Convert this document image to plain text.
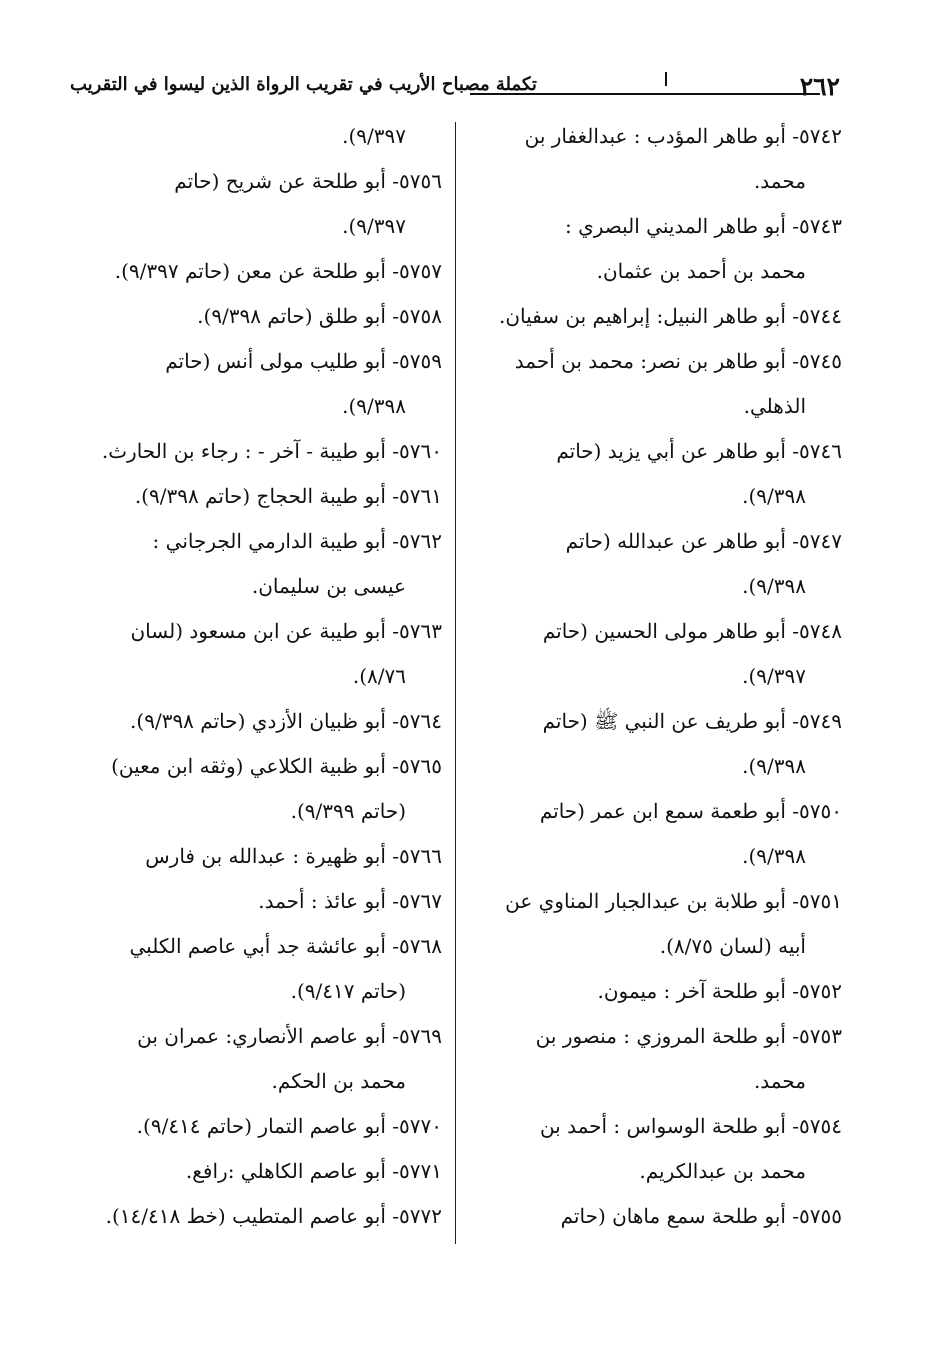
٢٦٢
تكملة مصباح الأريب في تقريب الرواة الذين ليسوا في التقريب
٥٧٤٢- أبو طاهر المؤدب : عبدالغفار بن
محمد.
٥٧٤٣- أبو طاهر المديني البصري :
محمد بن أحمد بن عثمان.
٥٧٤٤- أبو طاهر النبيل: إبراهيم بن سفيان.
٥٧٤٥- أبو طاهر بن نصر: محمد بن أحمد
الذهلي.
٥٧٤٦- أبو طاهر عن أبي يزيد (حاتم
٩/٣٩٨).
٥٧٤٧- أبو طاهر عن عبدالله (حاتم
٩/٣٩٨).
٥٧٤٨- أبو طاهر مولى الحسين (حاتم
٩/٣٩٧).
٥٧٤٩- أبو طريف عن النبي ﷺ (حاتم
٩/٣٩٨).
٥٧٥٠- أبو طعمة سمع ابن عمر (حاتم
٩/٣٩٨).
٥٧٥١- أبو طلابة بن عبدالجبار المناوي عن
أبيه (لسان ٨/٧٥).
٥٧٥٢- أبو طلحة آخر : ميمون.
٥٧٥٣- أبو طلحة المروزي : منصور بن
محمد.
٥٧٥٤- أبو طلحة الوسواس : أحمد بن
محمد بن عبدالكريم.
٥٧٥٥- أبو طلحة سمع ماهان (حاتم
٩/٣٩٧).
٥٧٥٦- أبو طلحة عن شريح (حاتم
٩/٣٩٧).
٥٧٥٧- أبو طلحة عن معن (حاتم ٩/٣٩٧).
٥٧٥٨- أبو طلق (حاتم ٩/٣٩٨).
٥٧٥٩- أبو طليب مولى أنس (حاتم
٩/٣٩٨).
٥٧٦٠- أبو طيبة - آخر - : رجاء بن الحارث.
٥٧٦١- أبو طيبة الحجاج (حاتم ٩/٣٩٨).
٥٧٦٢- أبو طيبة الدارمي الجرجاني :
عيسى بن سليمان.
٥٧٦٣- أبو طيبة عن ابن مسعود (لسان
٨/٧٦).
٥٧٦٤- أبو ظبيان الأزدي (حاتم ٩/٣٩٨).
٥٧٦٥- أبو ظبية الكلاعي (وثقه ابن معين)
(حاتم ٩/٣٩٩).
٥٧٦٦- أبو ظهيرة : عبدالله بن فارس
٥٧٦٧- أبو عائذ : أحمد.
٥٧٦٨- أبو عائشة جد أبي عاصم الكلبي
(حاتم ٩/٤١٧).
٥٧٦٩- أبو عاصم الأنصاري: عمران بن
محمد بن الحكم.
٥٧٧٠- أبو عاصم التمار (حاتم ٩/٤١٤).
٥٧٧١- أبو عاصم الكاهلي :رافع.
٥٧٧٢- أبو عاصم المتطيب (خط ١٤/٤١٨).
